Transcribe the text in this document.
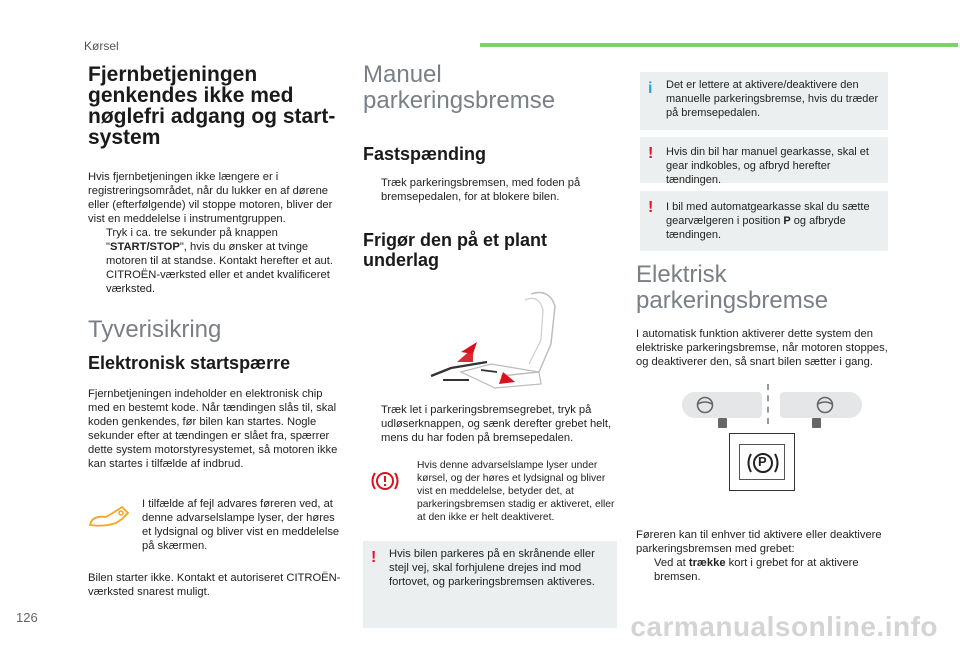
Kørsel
Fjernbetjeningen genkendes ikke med nøglefri adgang og start-system
Hvis fjernbetjeningen ikke længere er i registreringsområdet, når du lukker en af dørene eller (efterfølgende) vil stoppe motoren, bliver der vist en meddelelse i instrumentgruppen.
Tryk i ca. tre sekunder på knappen "START/STOP", hvis du ønsker at tvinge motoren til at standse. Kontakt herefter et aut. CITROËN-værksted eller et andet kvalificeret værksted.
Tyverisikring
Elektronisk startspærre
Fjernbetjeningen indeholder en elektronisk chip med en bestemt kode. Når tændingen slås til, skal koden genkendes, før bilen kan startes. Nogle sekunder efter at tændingen er slået fra, spærrer dette system motorstyresystemet, så motoren ikke kan startes i tilfælde af indbrud.
I tilfælde af fejl advares føreren ved, at denne advarselslampe lyser, der høres et lydsignal og bliver vist en meddelelse på skærmen.
Bilen starter ikke. Kontakt et autoriseret CITROËN-værksted snarest muligt.
Manuel parkeringsbremse
Fastspænding
Træk parkeringsbremsen, med foden på bremsepedalen, for at blokere bilen.
Frigør den på et plant underlag
Træk let i parkeringsbremsegrebet, tryk på udløserknappen, og sænk derefter grebet helt, mens du har foden på bremsepedalen.
Hvis denne advarselslampe lyser under kørsel, og der høres et lydsignal og bliver vist en meddelelse, betyder det, at parkeringsbremsen stadig er aktiveret, eller at den ikke er helt deaktiveret.
!	Hvis bilen parkeres på en skrånende eller stejl vej, skal forhjulene drejes ind mod fortovet, og parkeringsbremsen aktiveres.
i	Det er lettere at aktivere/deaktivere den manuelle parkeringsbremse, hvis du træder på bremsepedalen.
!	Hvis din bil har manuel gearkasse, skal et gear indkobles, og afbryd herefter tændingen.
!	I bil med automatgearkasse skal du sætte gearvælgeren i position P og afbryde tændingen.
Elektrisk parkeringsbremse
I automatisk funktion aktiverer dette system den elektriske parkeringsbremse, når motoren stoppes, og deaktiverer den, så snart bilen sætter i gang.
P
Føreren kan til enhver tid aktivere eller deaktivere parkeringsbremsen med grebet:
Ved at trække kort i grebet for at aktivere bremsen.
126	carmanualsonline.info
